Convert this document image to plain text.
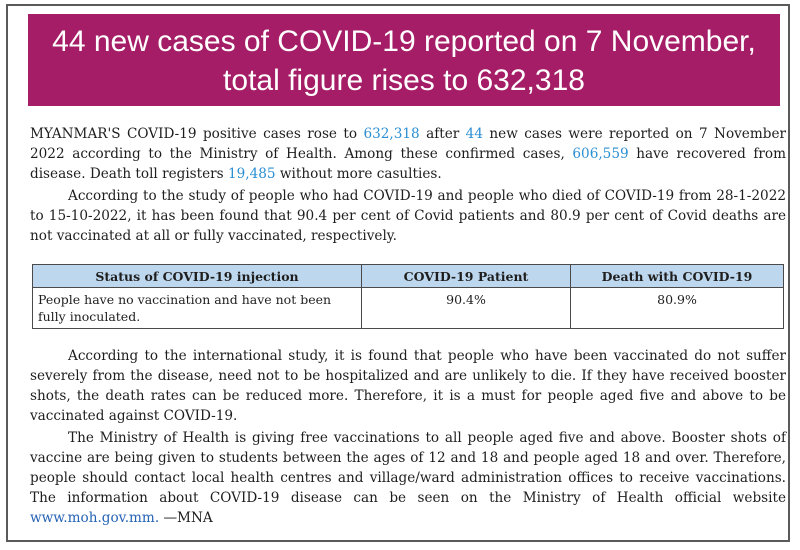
44 new cases of COVID-19 reported on 7 November,
total figure rises to 632,318

MYANMAR'S COVID-19 positive cases rose to 632,318 after 44 new cases were reported on 7 November 2022 according to the Ministry of Health. Among these confirmed cases, 606,559 have recovered from disease. Death toll registers 19,485 without more casulties.

According to the study of people who had COVID-19 and people who died of COVID-19 from 28-1-2022 to 15-10-2022, it has been found that 90.4 per cent of Covid patients and 80.9 per cent of Covid deaths are not vaccinated at all or fully vaccinated, respectively.

Status of COVID-19 injection	COVID-19 Patient	Death with COVID-19
People have no vaccination and have not been fully inoculated.	90.4%	80.9%

According to the international study, it is found that people who have been vaccinated do not suffer severely from the disease, need not to be hospitalized and are unlikely to die. If they have received booster shots, the death rates can be reduced more. Therefore, it is a must for people aged five and above to be vaccinated against COVID-19.

The Ministry of Health is giving free vaccinations to all people aged five and above. Booster shots of vaccine are being given to students between the ages of 12 and 18 and people aged 18 and over. Therefore, people should contact local health centres and village/ward administration offices to receive vaccinations. The information about COVID-19 disease can be seen on the Ministry of Health official website www.moh.gov.mm. —MNA
